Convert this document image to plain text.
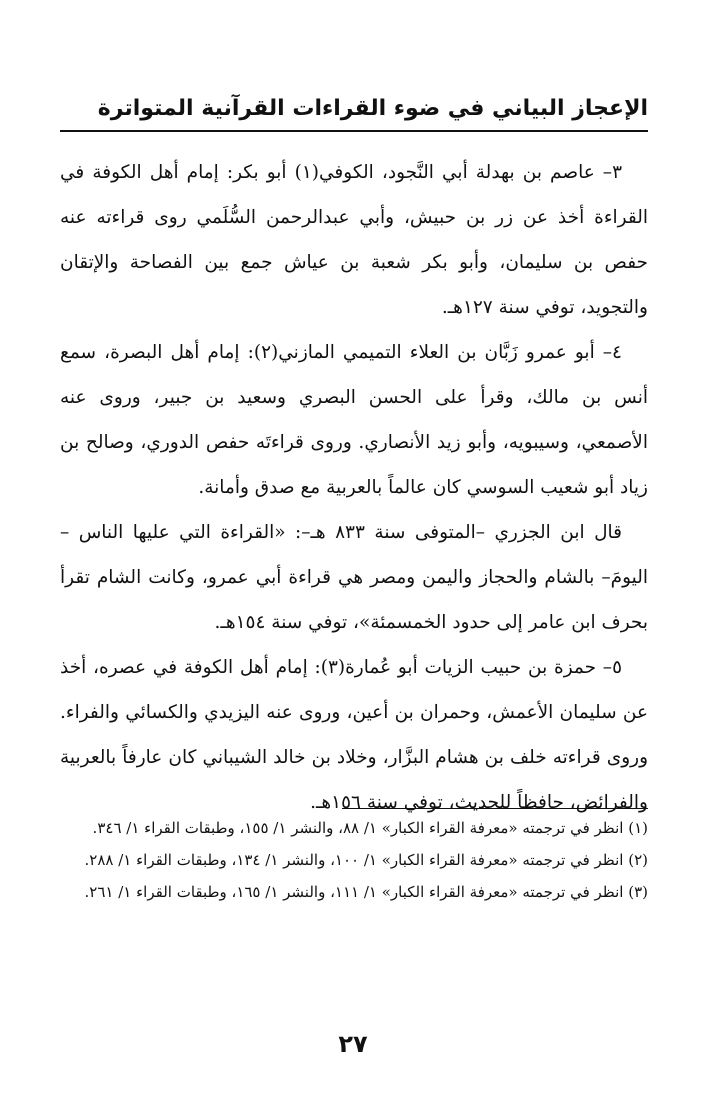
الإعجاز البياني في ضوء القراءات القرآنية المتواترة

٣– عاصم بن بهدلة أبي النَّجود، الكوفي(١) أبو بكر: إمام أهل الكوفة في القراءة أخذ عن زر بن حبيش، وأبي عبدالرحمن السُّلَمي روى قراءته عنه حفص بن سليمان، وأبو بكر شعبة بن عياش جمع بين الفصاحة والإتقان والتجويد، توفي سنة ١٢٧هـ.

٤– أبو عمرو زَبَّان بن العلاء التميمي المازني(٢): إمام أهل البصرة، سمع أنس بن مالك، وقرأ على الحسن البصري وسعيد بن جبير، وروى عنه الأصمعي، وسيبويه، وأبو زيد الأنصاري. وروى قراءتَه حفص الدوري، وصالح بن زياد أبو شعيب السوسي كان عالماً بالعربية مع صدق وأمانة.

قال ابن الجزري –المتوفى سنة ٨٣٣ هـ–: «القراءة التي عليها الناس –اليومَ– بالشام والحجاز واليمن ومصر هي قراءة أبي عمرو، وكانت الشام تقرأ بحرف ابن عامر إلى حدود الخمسمئة»، توفي سنة ١٥٤هـ.

٥– حمزة بن حبيب الزيات أبو عُمارة(٣): إمام أهل الكوفة في عصره، أخذ عن سليمان الأعمش، وحمران بن أعين، وروى عنه اليزيدي والكسائي والفراء. وروى قراءته خلف بن هشام البزَّار، وخلاد بن خالد الشيباني كان عارفاً بالعربية والفرائض، حافظاً للحديث، توفي سنة ١٥٦هـ.

(١) انظر في ترجمته «معرفة القراء الكبار» ١/ ٨٨، والنشر ١/ ١٥٥، وطبقات القراء ١/ ٣٤٦.

(٢) انظر في ترجمته «معرفة القراء الكبار» ١/ ١٠٠، والنشر ١/ ١٣٤، وطبقات القراء ١/ ٢٨٨.

(٣) انظر في ترجمته «معرفة القراء الكبار» ١/ ١١١، والنشر ١/ ١٦٥، وطبقات القراء ١/ ٢٦١.

٢٧
